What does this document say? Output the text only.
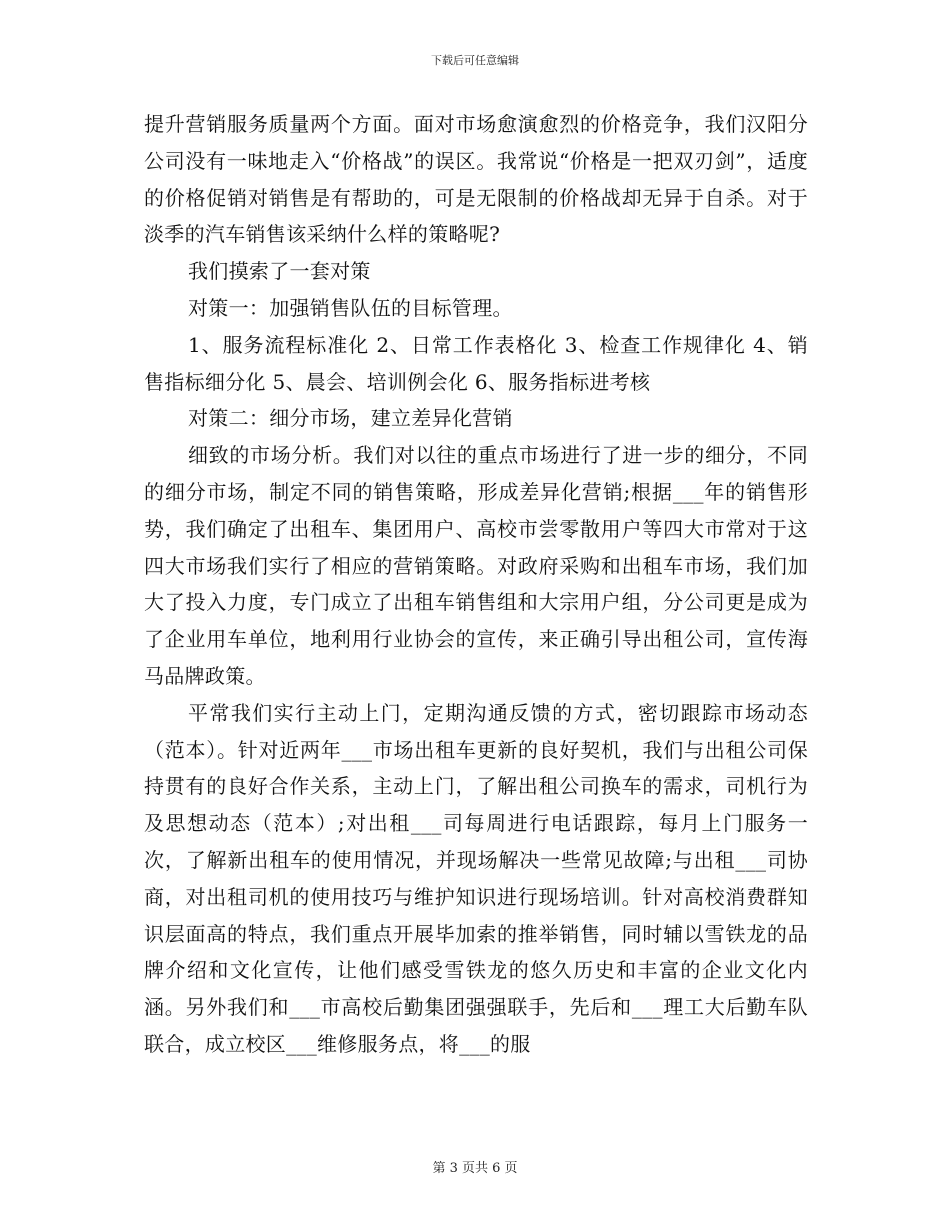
下载后可任意编辑

提升营销服务质量两个方面。面对市场愈演愈烈的价格竞争，我们汉阳分公司没有一味地走入“价格战”的误区。我常说“价格是一把双刃剑”，适度的价格促销对销售是有帮助的，可是无限制的价格战却无异于自杀。对于淡季的汽车销售该采纳什么样的策略呢?

我们摸索了一套对策

对策一：加强销售队伍的目标管理。

1、服务流程标准化 2、日常工作表格化 3、检查工作规律化 4、销售指标细分化 5、晨会、培训例会化 6、服务指标进考核

对策二：细分市场，建立差异化营销

细致的市场分析。我们对以往的重点市场进行了进一步的细分，不同的细分市场，制定不同的销售策略，形成差异化营销;根据___年的销售形势，我们确定了出租车、集团用户、高校市尝零散用户等四大市常对于这四大市场我们实行了相应的营销策略。对政府采购和出租车市场，我们加大了投入力度，专门成立了出租车销售组和大宗用户组，分公司更是成为了企业用车单位，地利用行业协会的宣传，来正确引导出租公司，宣传海马品牌政策。

平常我们实行主动上门，定期沟通反馈的方式，密切跟踪市场动态（范本）。针对近两年___市场出租车更新的良好契机，我们与出租公司保持贯有的良好合作关系，主动上门，了解出租公司换车的需求，司机行为及思想动态（范本）;对出租___司每周进行电话跟踪，每月上门服务一次，了解新出租车的使用情况，并现场解决一些常见故障;与出租___司协商，对出租司机的使用技巧与维护知识进行现场培训。针对高校消费群知识层面高的特点，我们重点开展毕加索的推举销售，同时辅以雪铁龙的品牌介绍和文化宣传，让他们感受雪铁龙的悠久历史和丰富的企业文化内涵。另外我们和___市高校后勤集团强强联手，先后和___理工大后勤车队联合，成立校区___维修服务点，将___的服

第 3 页共 6 页
